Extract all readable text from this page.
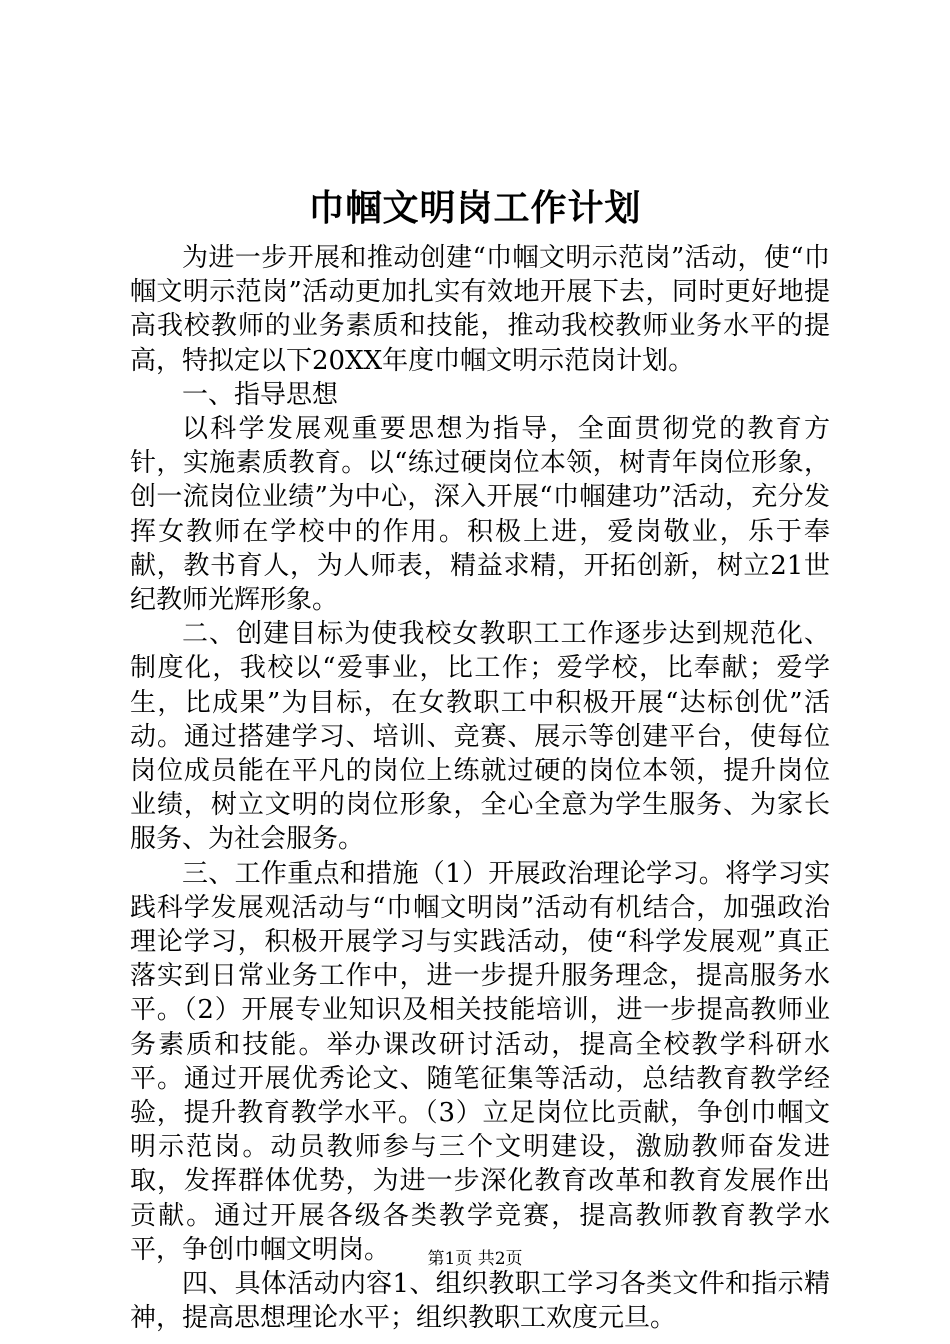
巾帼文明岗工作计划

为进一步开展和推动创建“巾帼文明示范岗”活动，使“巾帼文明示范岗”活动更加扎实有效地开展下去，同时更好地提高我校教师的业务素质和技能，推动我校教师业务水平的提高，特拟定以下20XX年度巾帼文明示范岗计划。

一、指导思想

以科学发展观重要思想为指导，全面贯彻党的教育方针，实施素质教育。以“练过硬岗位本领，树青年岗位形象，创一流岗位业绩”为中心，深入开展“巾帼建功”活动，充分发挥女教师在学校中的作用。积极上进，爱岗敬业，乐于奉献，教书育人，为人师表，精益求精，开拓创新，树立21世纪教师光辉形象。

二、创建目标为使我校女教职工工作逐步达到规范化、制度化，我校以“爱事业，比工作；爱学校，比奉献；爱学生，比成果”为目标，在女教职工中积极开展“达标创优”活动。通过搭建学习、培训、竞赛、展示等创建平台，使每位岗位成员能在平凡的岗位上练就过硬的岗位本领，提升岗位业绩，树立文明的岗位形象，全心全意为学生服务、为家长服务、为社会服务。

三、工作重点和措施（1）开展政治理论学习。将学习实践科学发展观活动与“巾帼文明岗”活动有机结合，加强政治理论学习，积极开展学习与实践活动，使“科学发展观”真正落实到日常业务工作中，进一步提升服务理念，提高服务水平。（2）开展专业知识及相关技能培训，进一步提高教师业务素质和技能。举办课改研讨活动，提高全校教学科研水平。通过开展优秀论文、随笔征集等活动，总结教育教学经验，提升教育教学水平。（3）立足岗位比贡献，争创巾帼文明示范岗。动员教师参与三个文明建设，激励教师奋发进取，发挥群体优势，为进一步深化教育改革和教育发展作出贡献。通过开展各级各类教学竞赛，提高教师教育教学水平，争创巾帼文明岗。

四、具体活动内容1、组织教职工学习各类文件和指示精神，提高思想理论水平；组织教职工欢度元旦。

第1页 共2页
